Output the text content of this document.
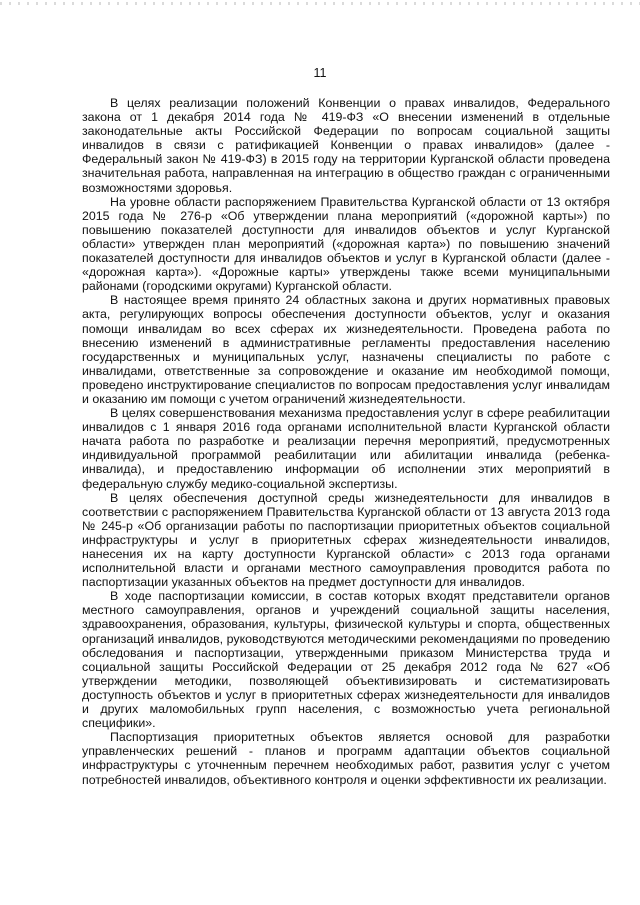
11

В целях реализации положений Конвенции о правах инвалидов, Федерального закона от 1 декабря 2014 года № 419-ФЗ «О внесении изменений в отдельные законодательные акты Российской Федерации по вопросам социальной защиты инвалидов в связи с ратификацией Конвенции о правах инвалидов» (далее - Федеральный закон № 419-ФЗ) в 2015 году на территории Курганской области проведена значительная работа, направленная на интеграцию в общество граждан с ограниченными возможностями здоровья.

На уровне области распоряжением Правительства Курганской области от 13 октября 2015 года № 276-р «Об утверждении плана мероприятий («дорожной карты») по повышению показателей доступности для инвалидов объектов и услуг Курганской области» утвержден план мероприятий («дорожная карта») по повышению значений показателей доступности для инвалидов объектов и услуг в Курганской области (далее - «дорожная карта»). «Дорожные карты» утверждены также всеми муниципальными районами (городскими округами) Курганской области.

В настоящее время принято 24 областных закона и других нормативных правовых акта, регулирующих вопросы обеспечения доступности объектов, услуг и оказания помощи инвалидам во всех сферах их жизнедеятельности. Проведена работа по внесению изменений в административные регламенты предоставления населению государственных и муниципальных услуг, назначены специалисты по работе с инвалидами, ответственные за сопровождение и оказание им необходимой помощи, проведено инструктирование специалистов по вопросам предоставления услуг инвалидам и оказанию им помощи с учетом ограничений жизнедеятельности.

В целях совершенствования механизма предоставления услуг в сфере реабилитации инвалидов с 1 января 2016 года органами исполнительной власти Курганской области начата работа по разработке и реализации перечня мероприятий, предусмотренных индивидуальной программой реабилитации или абилитации инвалида (ребенка-инвалида), и предоставлению информации об исполнении этих мероприятий в федеральную службу медико-социальной экспертизы.

В целях обеспечения доступной среды жизнедеятельности для инвалидов в соответствии с распоряжением Правительства Курганской области от 13 августа 2013 года № 245-р «Об организации работы по паспортизации приоритетных объектов социальной инфраструктуры и услуг в приоритетных сферах жизнедеятельности инвалидов, нанесения их на карту доступности Курганской области» с 2013 года органами исполнительной власти и органами местного самоуправления проводится работа по паспортизации указанных объектов на предмет доступности для инвалидов.

В ходе паспортизации комиссии, в состав которых входят представители органов местного самоуправления, органов и учреждений социальной защиты населения, здравоохранения, образования, культуры, физической культуры и спорта, общественных организаций инвалидов, руководствуются методическими рекомендациями по проведению обследования и паспортизации, утвержденными приказом Министерства труда и социальной защиты Российской Федерации от 25 декабря 2012 года № 627 «Об утверждении методики, позволяющей объективизировать и систематизировать доступность объектов и услуг в приоритетных сферах жизнедеятельности для инвалидов и других маломобильных групп населения, с возможностью учета региональной специфики».

Паспортизация приоритетных объектов является основой для разработки управленческих решений - планов и программ адаптации объектов социальной инфраструктуры с уточненным перечнем необходимых работ, развития услуг с учетом потребностей инвалидов, объективного контроля и оценки эффективности их реализации.
